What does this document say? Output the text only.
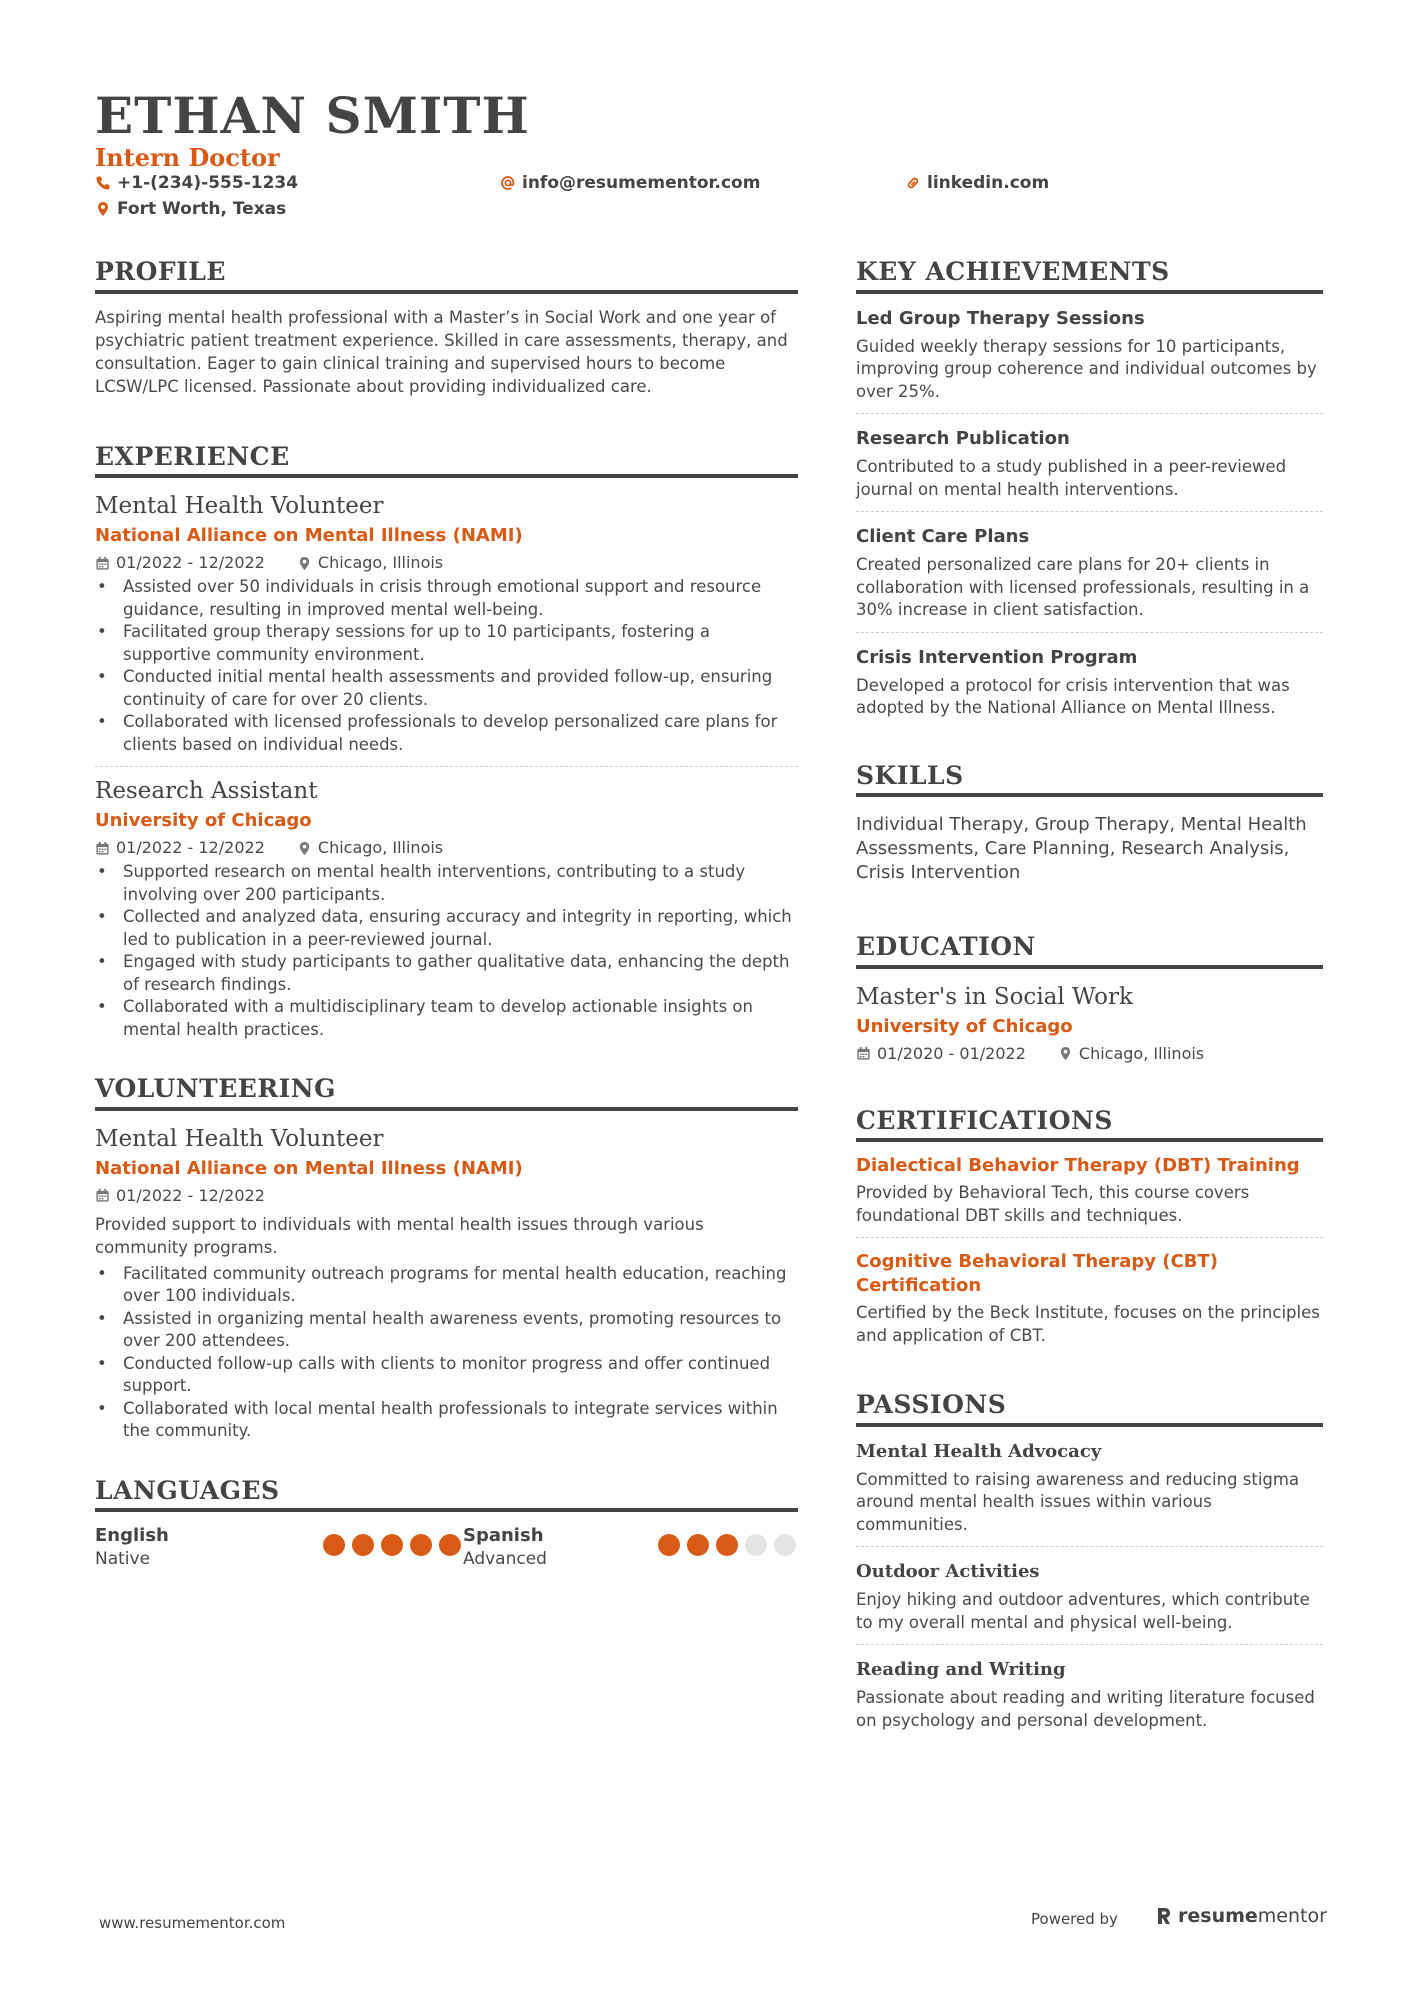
ETHAN SMITH
Intern Doctor
+1-(234)-555-1234	info@resumementor.com	linkedin.com
Fort Worth, Texas
PROFILE
Aspiring mental health professional with a Master’s in Social Work and one year of psychiatric patient treatment experience. Skilled in care assessments, therapy, and consultation. Eager to gain clinical training and supervised hours to become LCSW/LPC licensed. Passionate about providing individualized care.
EXPERIENCE
Mental Health Volunteer
National Alliance on Mental Illness (NAMI)
01/2022 - 12/2022	Chicago, Illinois
• Assisted over 50 individuals in crisis through emotional support and resource guidance, resulting in improved mental well-being.
• Facilitated group therapy sessions for up to 10 participants, fostering a supportive community environment.
• Conducted initial mental health assessments and provided follow-up, ensuring continuity of care for over 20 clients.
• Collaborated with licensed professionals to develop personalized care plans for clients based on individual needs.
Research Assistant
University of Chicago
01/2022 - 12/2022	Chicago, Illinois
• Supported research on mental health interventions, contributing to a study involving over 200 participants.
• Collected and analyzed data, ensuring accuracy and integrity in reporting, which led to publication in a peer-reviewed journal.
• Engaged with study participants to gather qualitative data, enhancing the depth of research findings.
• Collaborated with a multidisciplinary team to develop actionable insights on mental health practices.
VOLUNTEERING
Mental Health Volunteer
National Alliance on Mental Illness (NAMI)
01/2022 - 12/2022
Provided support to individuals with mental health issues through various community programs.
• Facilitated community outreach programs for mental health education, reaching over 100 individuals.
• Assisted in organizing mental health awareness events, promoting resources to over 200 attendees.
• Conducted follow-up calls with clients to monitor progress and offer continued support.
• Collaborated with local mental health professionals to integrate services within the community.
LANGUAGES
English
Native
Spanish
Advanced
KEY ACHIEVEMENTS
Led Group Therapy Sessions
Guided weekly therapy sessions for 10 participants, improving group coherence and individual outcomes by over 25%.
Research Publication
Contributed to a study published in a peer-reviewed journal on mental health interventions.
Client Care Plans
Created personalized care plans for 20+ clients in collaboration with licensed professionals, resulting in a 30% increase in client satisfaction.
Crisis Intervention Program
Developed a protocol for crisis intervention that was adopted by the National Alliance on Mental Illness.
SKILLS
Individual Therapy, Group Therapy, Mental Health Assessments, Care Planning, Research Analysis, Crisis Intervention
EDUCATION
Master's in Social Work
University of Chicago
01/2020 - 01/2022	Chicago, Illinois
CERTIFICATIONS
Dialectical Behavior Therapy (DBT) Training
Provided by Behavioral Tech, this course covers foundational DBT skills and techniques.
Cognitive Behavioral Therapy (CBT) Certification
Certified by the Beck Institute, focuses on the principles and application of CBT.
PASSIONS
Mental Health Advocacy
Committed to raising awareness and reducing stigma around mental health issues within various communities.
Outdoor Activities
Enjoy hiking and outdoor adventures, which contribute to my overall mental and physical well-being.
Reading and Writing
Passionate about reading and writing literature focused on psychology and personal development.
www.resumementor.com	Powered by	resumementor
